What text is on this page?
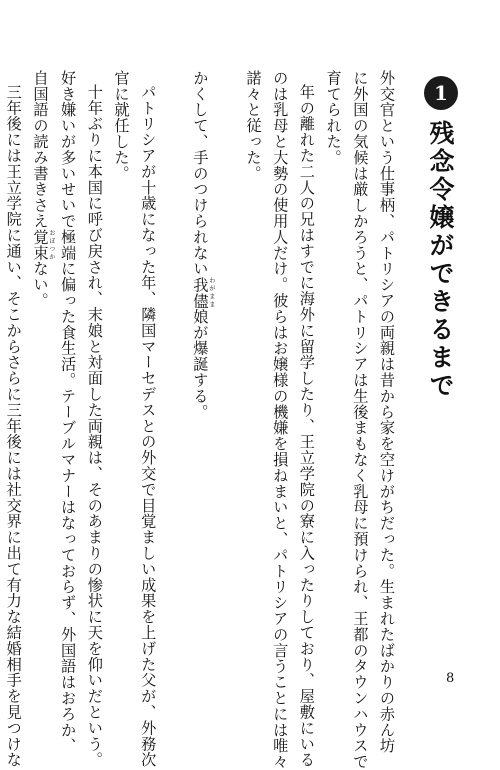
1
残念令嬢ができるまで

外交官という仕事柄、パトリシアの両親は昔から家を空けがちだった。生まれたばかりの赤ん坊

に外国の気候は厳しかろうと、パトリシアは生後まもなく乳母に預けられ、王都のタウンハウスで

育てられた。

年の離れた二人の兄はすでに海外に留学したり、王立学院の寮に入ったりしており、屋敷にいる

のは乳母と大勢の使用人だけ。彼らはお嬢様の機嫌を損ねまいと、パトリシアの言うことには唯々

諾々と従った。

かくして、手のつけられない我儘わがまま娘が爆誕する。

パトリシアが十歳になった年、隣国マーセデスとの外交で目覚ましい成果を上げた父が、外務次

官に就任した。

十年ぶりに本国に呼び戻され、末娘と対面した両親は、そのあまりの惨状に天を仰いだという。

好き嫌いが多いせいで極端に偏った食生活。テーブルマナーはなっておらず、外国語はおろか、

自国語の読み書きさえ覚束おぼつかない。

三年後には王立学院に通い、そこからさらに三年後には社交界に出て有力な結婚相手を見つけな	8
